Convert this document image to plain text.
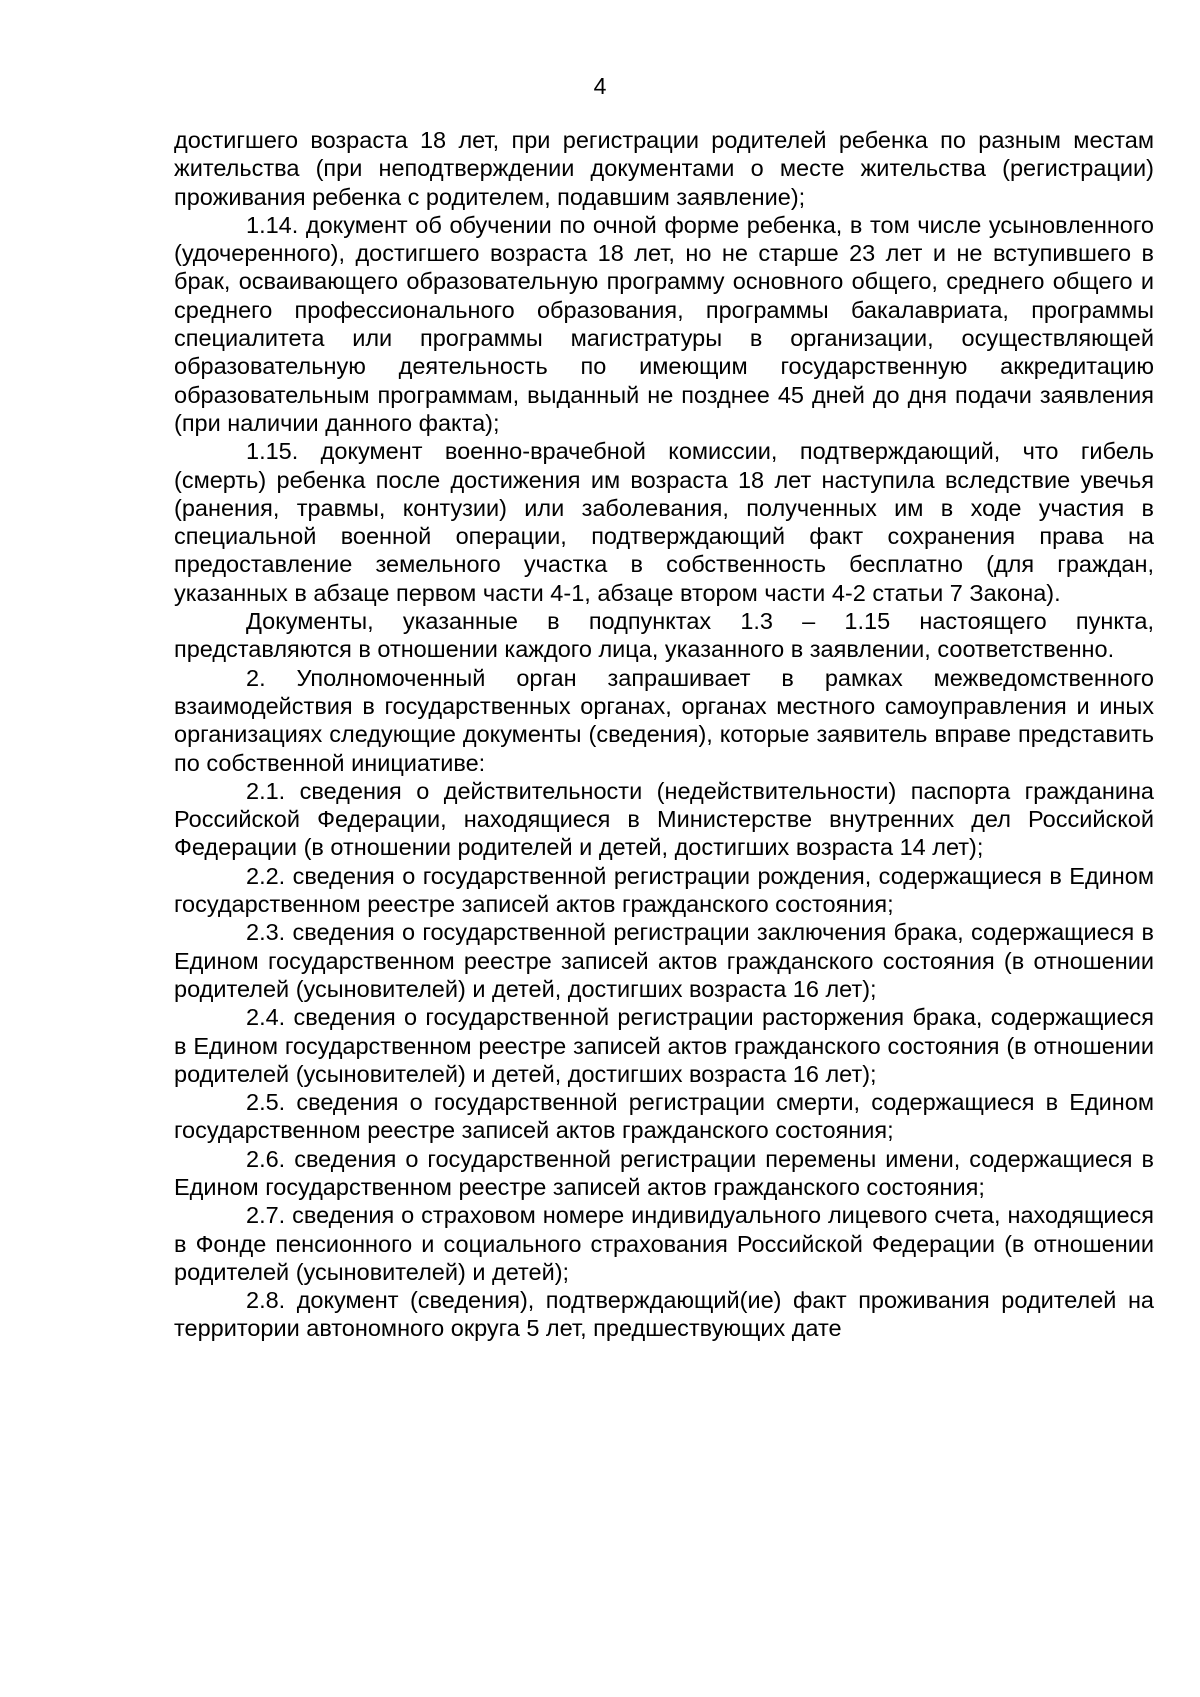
4

достигшего возраста 18 лет, при регистрации родителей ребенка по разным местам жительства (при неподтверждении документами о месте жительства (регистрации) проживания ребенка с родителем, подавшим заявление);

1.14. документ об обучении по очной форме ребенка, в том числе усыновленного (удочеренного), достигшего возраста 18 лет, но не старше 23 лет и не вступившего в брак, осваивающего образовательную программу основного общего, среднего общего и среднего профессионального образования, программы бакалавриата, программы специалитета или программы магистратуры в организации, осуществляющей образовательную деятельность по имеющим государственную аккредитацию образовательным программам, выданный не позднее 45 дней до дня подачи заявления (при наличии данного факта);

1.15. документ военно-врачебной комиссии, подтверждающий, что гибель (смерть) ребенка после достижения им возраста 18 лет наступила вследствие увечья (ранения, травмы, контузии) или заболевания, полученных им в ходе участия в специальной военной операции, подтверждающий факт сохранения права на предоставление земельного участка в собственность бесплатно (для граждан, указанных в абзаце первом части 4-1, абзаце втором части 4-2 статьи 7 Закона).

Документы, указанные в подпунктах 1.3 – 1.15 настоящего пункта, представляются в отношении каждого лица, указанного в заявлении, соответственно.

2. Уполномоченный орган запрашивает в рамках межведомственного взаимодействия в государственных органах, органах местного самоуправления и иных организациях следующие документы (сведения), которые заявитель вправе представить по собственной инициативе:

2.1. сведения о действительности (недействительности) паспорта гражданина Российской Федерации, находящиеся в Министерстве внутренних дел Российской Федерации (в отношении родителей и детей, достигших возраста 14 лет);

2.2. сведения о государственной регистрации рождения, содержащиеся в Едином государственном реестре записей актов гражданского состояния;

2.3. сведения о государственной регистрации заключения брака, содержащиеся в Едином государственном реестре записей актов гражданского состояния (в отношении родителей (усыновителей) и детей, достигших возраста 16 лет);

2.4. сведения о государственной регистрации расторжения брака, содержащиеся в Едином государственном реестре записей актов гражданского состояния (в отношении родителей (усыновителей) и детей, достигших возраста 16 лет);

2.5. сведения о государственной регистрации смерти, содержащиеся в Едином государственном реестре записей актов гражданского состояния;

2.6. сведения о государственной регистрации перемены имени, содержащиеся в Едином государственном реестре записей актов гражданского состояния;

2.7. сведения о страховом номере индивидуального лицевого счета, находящиеся в Фонде пенсионного и социального страхования Российской Федерации (в отношении родителей (усыновителей) и детей);

2.8. документ (сведения), подтверждающий(ие) факт проживания родителей на территории автономного округа 5 лет, предшествующих дате
